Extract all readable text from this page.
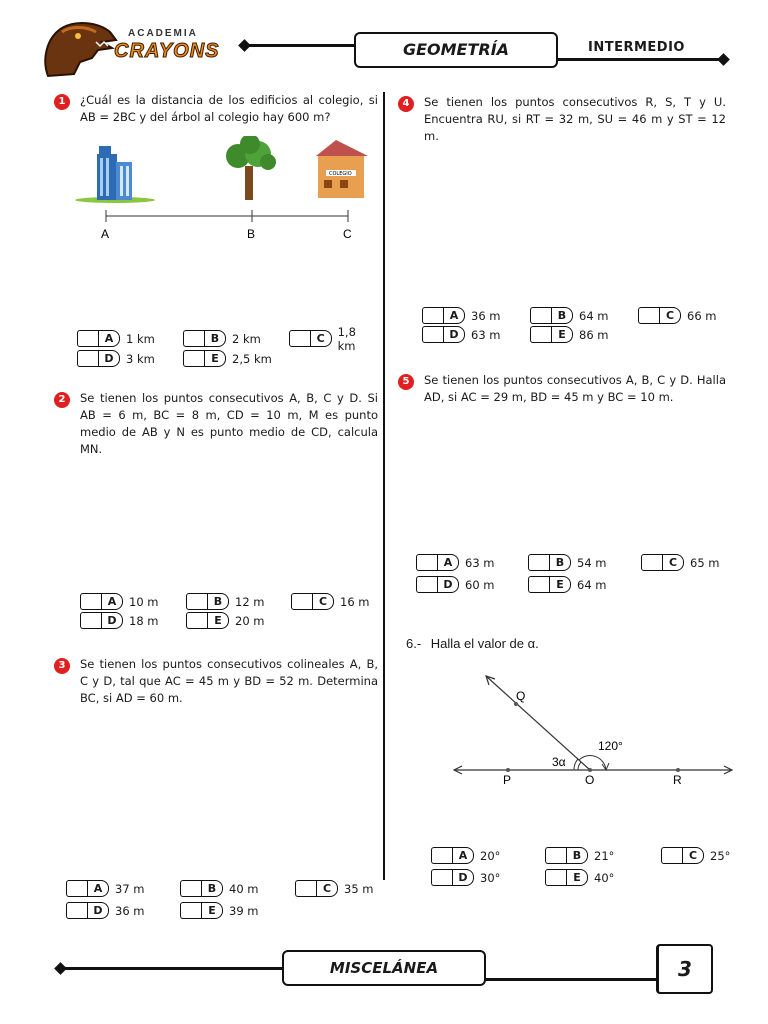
ACADEMIA
CRAYONS	GEOMETRÍA	INTERMEDIO
1	¿Cuál es la distancia de los edificios al colegio, si AB = 2BC y del árbol al colegio hay 600 m?
COLEGIO
A	B	C
A	1 km	B	2 km	C	1,8 km
D	3 km	E	2,5 km
2	Se tienen los puntos consecutivos A, B, C y D. Si AB = 6 m, BC = 8 m, CD = 10 m, M es punto medio de AB y N es punto medio de CD, calcula MN.
A	10 m	B	12 m	C	16 m
D	18 m	E	20 m
3	Se tienen los puntos consecutivos colineales A, B, C y D, tal que AC = 45 m y BD = 52 m. Determina BC, si AD = 60 m.
A	37 m	B	40 m	C	35 m
D	36 m	E	39 m
4	Se tienen los puntos consecutivos R, S, T y U. Encuentra RU, si RT = 32 m, SU = 46 m y ST = 12 m.
A	36 m	B	64 m	C	66 m
D	63 m	E	86 m
5	Se tienen los puntos consecutivos A, B, C y D. Halla AD, si AC = 29 m, BD = 45 m y BC = 10 m.
A	63 m	B	54 m	C	65 m
D	60 m	E	64 m
6.- Halla el valor de α.
Q
P	O	R
120°
3α
A	20°	B	21°	C	25°
D	30°	E	40°
MISCELÁNEA	3
